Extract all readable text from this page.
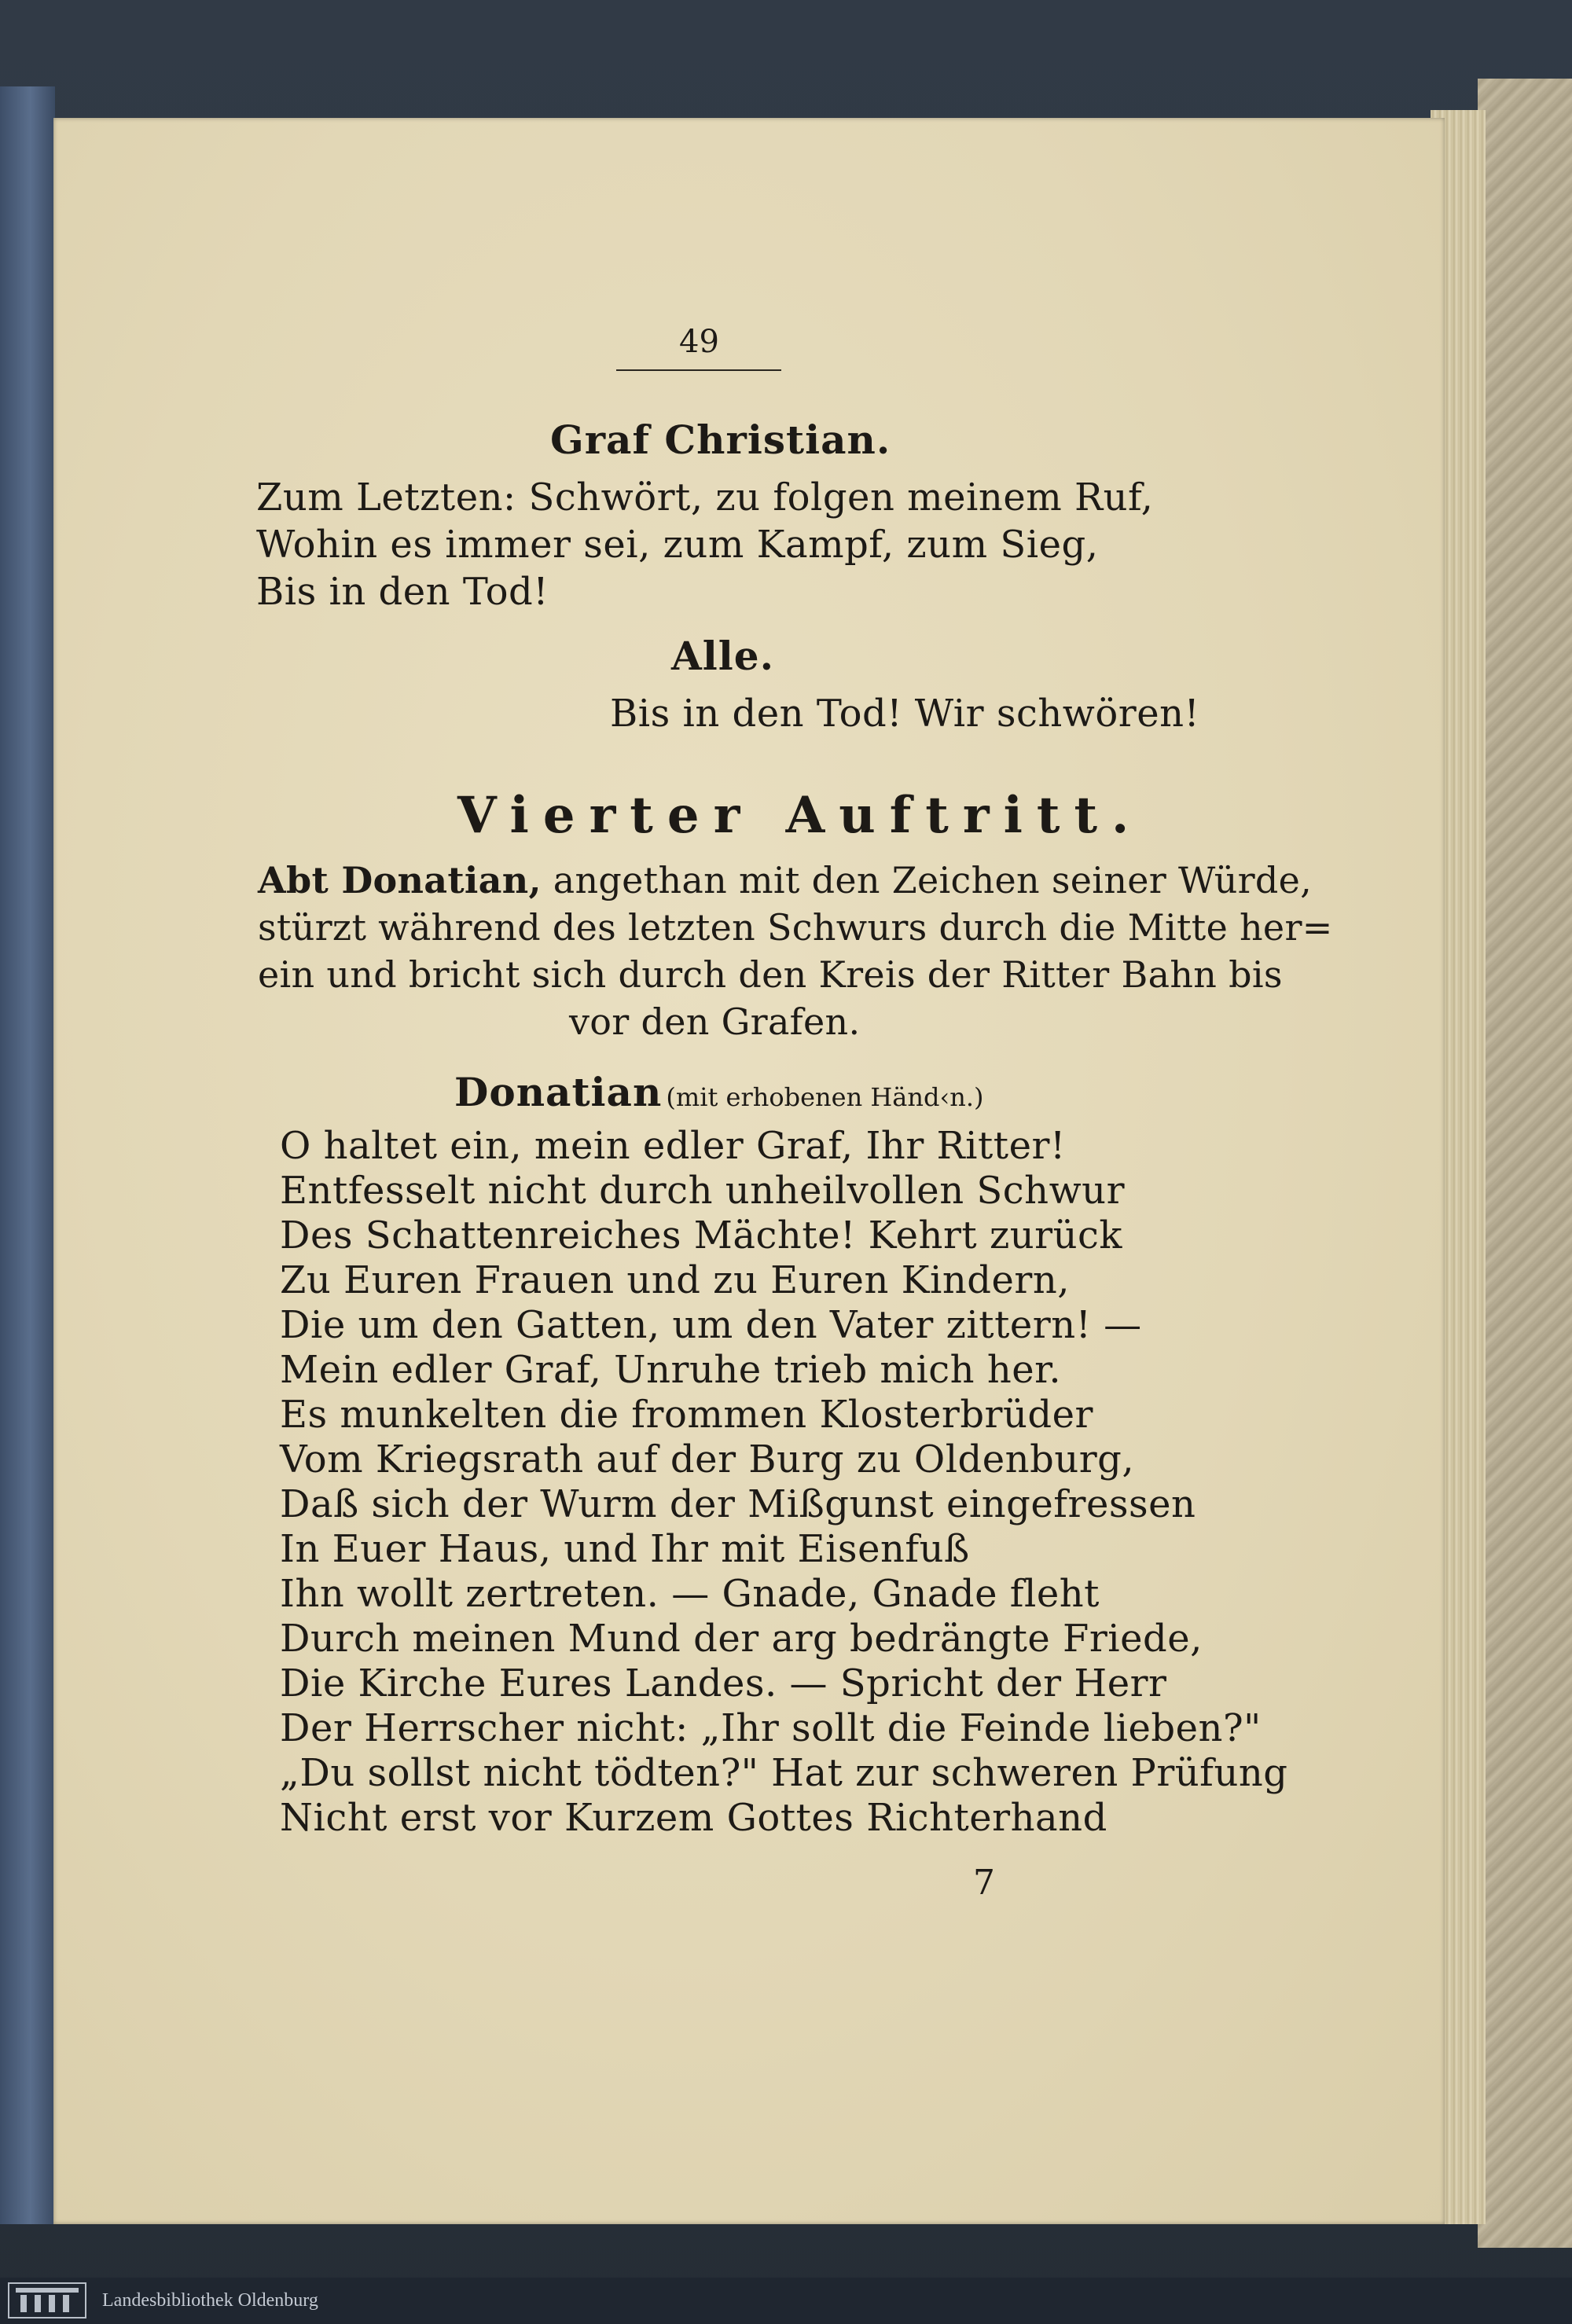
49
Graf Christian.
Zum Letzten: Schwört, zu folgen meinem Ruf,
Wohin es immer sei, zum Kampf, zum Sieg,
Bis in den Tod!
Alle.
Bis in den Tod! Wir schwören!
Vierter Auftritt.
Abt Donatian, angethan mit den Zeichen seiner Würde,
stürzt während des letzten Schwurs durch die Mitte her=
ein und bricht sich durch den Kreis der Ritter Bahn bis
vor den Grafen.
Donatian (mit erhobenen Händ‹n.)
O haltet ein, mein edler Graf, Ihr Ritter!
Entfesselt nicht durch unheilvollen Schwur
Des Schattenreiches Mächte! Kehrt zurück
Zu Euren Frauen und zu Euren Kindern,
Die um den Gatten, um den Vater zittern! —
Mein edler Graf, Unruhe trieb mich her.
Es munkelten die frommen Klosterbrüder
Vom Kriegsrath auf der Burg zu Oldenburg,
Daß sich der Wurm der Mißgunst eingefressen
In Euer Haus, und Ihr mit Eisenfuß
Ihn wollt zertreten. — Gnade, Gnade fleht
Durch meinen Mund der arg bedrängte Friede,
Die Kirche Eures Landes. — Spricht der Herr
Der Herrscher nicht: „Ihr sollt die Feinde lieben?"
„Du sollst nicht tödten?" Hat zur schweren Prüfung
Nicht erst vor Kurzem Gottes Richterhand
7
Landesbibliothek Oldenburg
